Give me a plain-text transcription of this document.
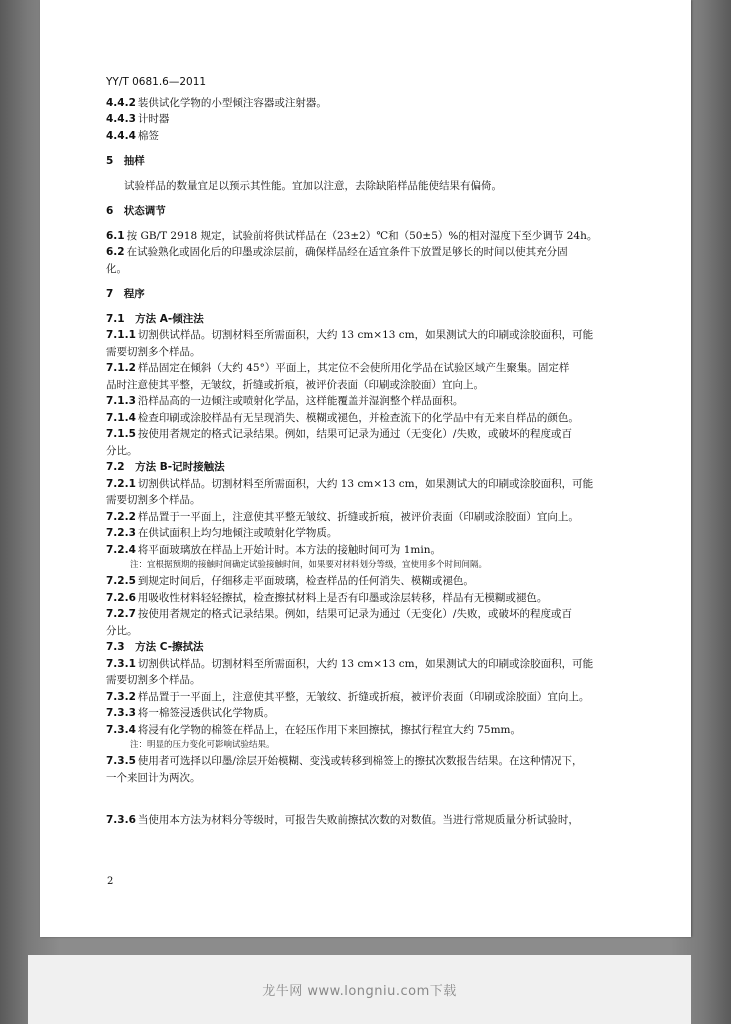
YY/T 0681.6—2011

4.4.2 装供试化学物的小型倾注容器或注射器。

4.4.3 计时器

4.4.4 棉签

5　抽样

试验样品的数量宜足以预示其性能。宜加以注意，去除缺陷样品能使结果有偏倚。

6　状态调节

6.1 按 GB/T 2918 规定，试验前将供试样品在（23±2）℃和（50±5）%的相对湿度下至少调节 24h。

6.2 在试验熟化或固化后的印墨或涂层前，确保样品经在适宜条件下放置足够长的时间以使其充分固

化。

7　程序

7.1　方法 A-倾注法

7.1.1 切割供试样品。切割材料至所需面积，大约 13 cm×13 cm，如果测试大的印刷或涂胶面积，可能

需要切割多个样品。

7.1.2 样品固定在倾斜（大约 45°）平面上，其定位不会使所用化学品在试验区域产生聚集。固定样

品时注意使其平整，无皱纹，折缝或折痕，被评价表面（印刷或涂胶面）宜向上。

7.1.3 沿样品高的一边倾注或喷射化学品，这样能覆盖并湿润整个样品面积。

7.1.4 检查印刷或涂胶样品有无呈现消失、模糊或褪色，并检查流下的化学品中有无来自样品的颜色。

7.1.5 按使用者规定的格式记录结果。例如，结果可记录为通过（无变化）/失败，或破坏的程度或百

分比。

7.2　方法 B-记时接触法

7.2.1 切割供试样品。切割材料至所需面积，大约 13 cm×13 cm，如果测试大的印刷或涂胶面积，可能

需要切割多个样品。

7.2.2 样品置于一平面上，注意使其平整无皱纹、折缝或折痕，被评价表面（印刷或涂胶面）宜向上。

7.2.3 在供试面积上均匀地倾注或喷射化学物质。

7.2.4 将平面玻璃放在样品上开始计时。本方法的接触时间可为 1min。

注：宜根据预期的接触时间确定试验接触时间，如果要对材料划分等级，宜使用多个时间间隔。

7.2.5 到规定时间后，仔细移走平面玻璃，检查样品的任何消失、模糊或褪色。

7.2.6 用吸收性材料轻轻擦拭，检查擦拭材料上是否有印墨或涂层转移，样品有无模糊或褪色。

7.2.7 按使用者规定的格式记录结果。例如，结果可记录为通过（无变化）/失败，或破坏的程度或百

分比。

7.3　方法 C-擦拭法

7.3.1 切割供试样品。切割材料至所需面积，大约 13 cm×13 cm，如果测试大的印刷或涂胶面积，可能

需要切割多个样品。

7.3.2 样品置于一平面上，注意使其平整，无皱纹、折缝或折痕，被评价表面（印刷或涂胶面）宜向上。

7.3.3 将一棉签浸透供试化学物质。

7.3.4 将浸有化学物的棉签在样品上，在轻压作用下来回擦拭，擦拭行程宜大约 75mm。

注：明显的压力变化可影响试验结果。

7.3.5 使用者可选择以印墨/涂层开始模糊、变浅或转移到棉签上的擦拭次数报告结果。在这种情况下，

一个来回计为两次。

7.3.6 当使用本方法为材料分等级时，可报告失败前擦拭次数的对数值。当进行常规质量分析试验时，

2
龙牛网 www.longniu.com下载
